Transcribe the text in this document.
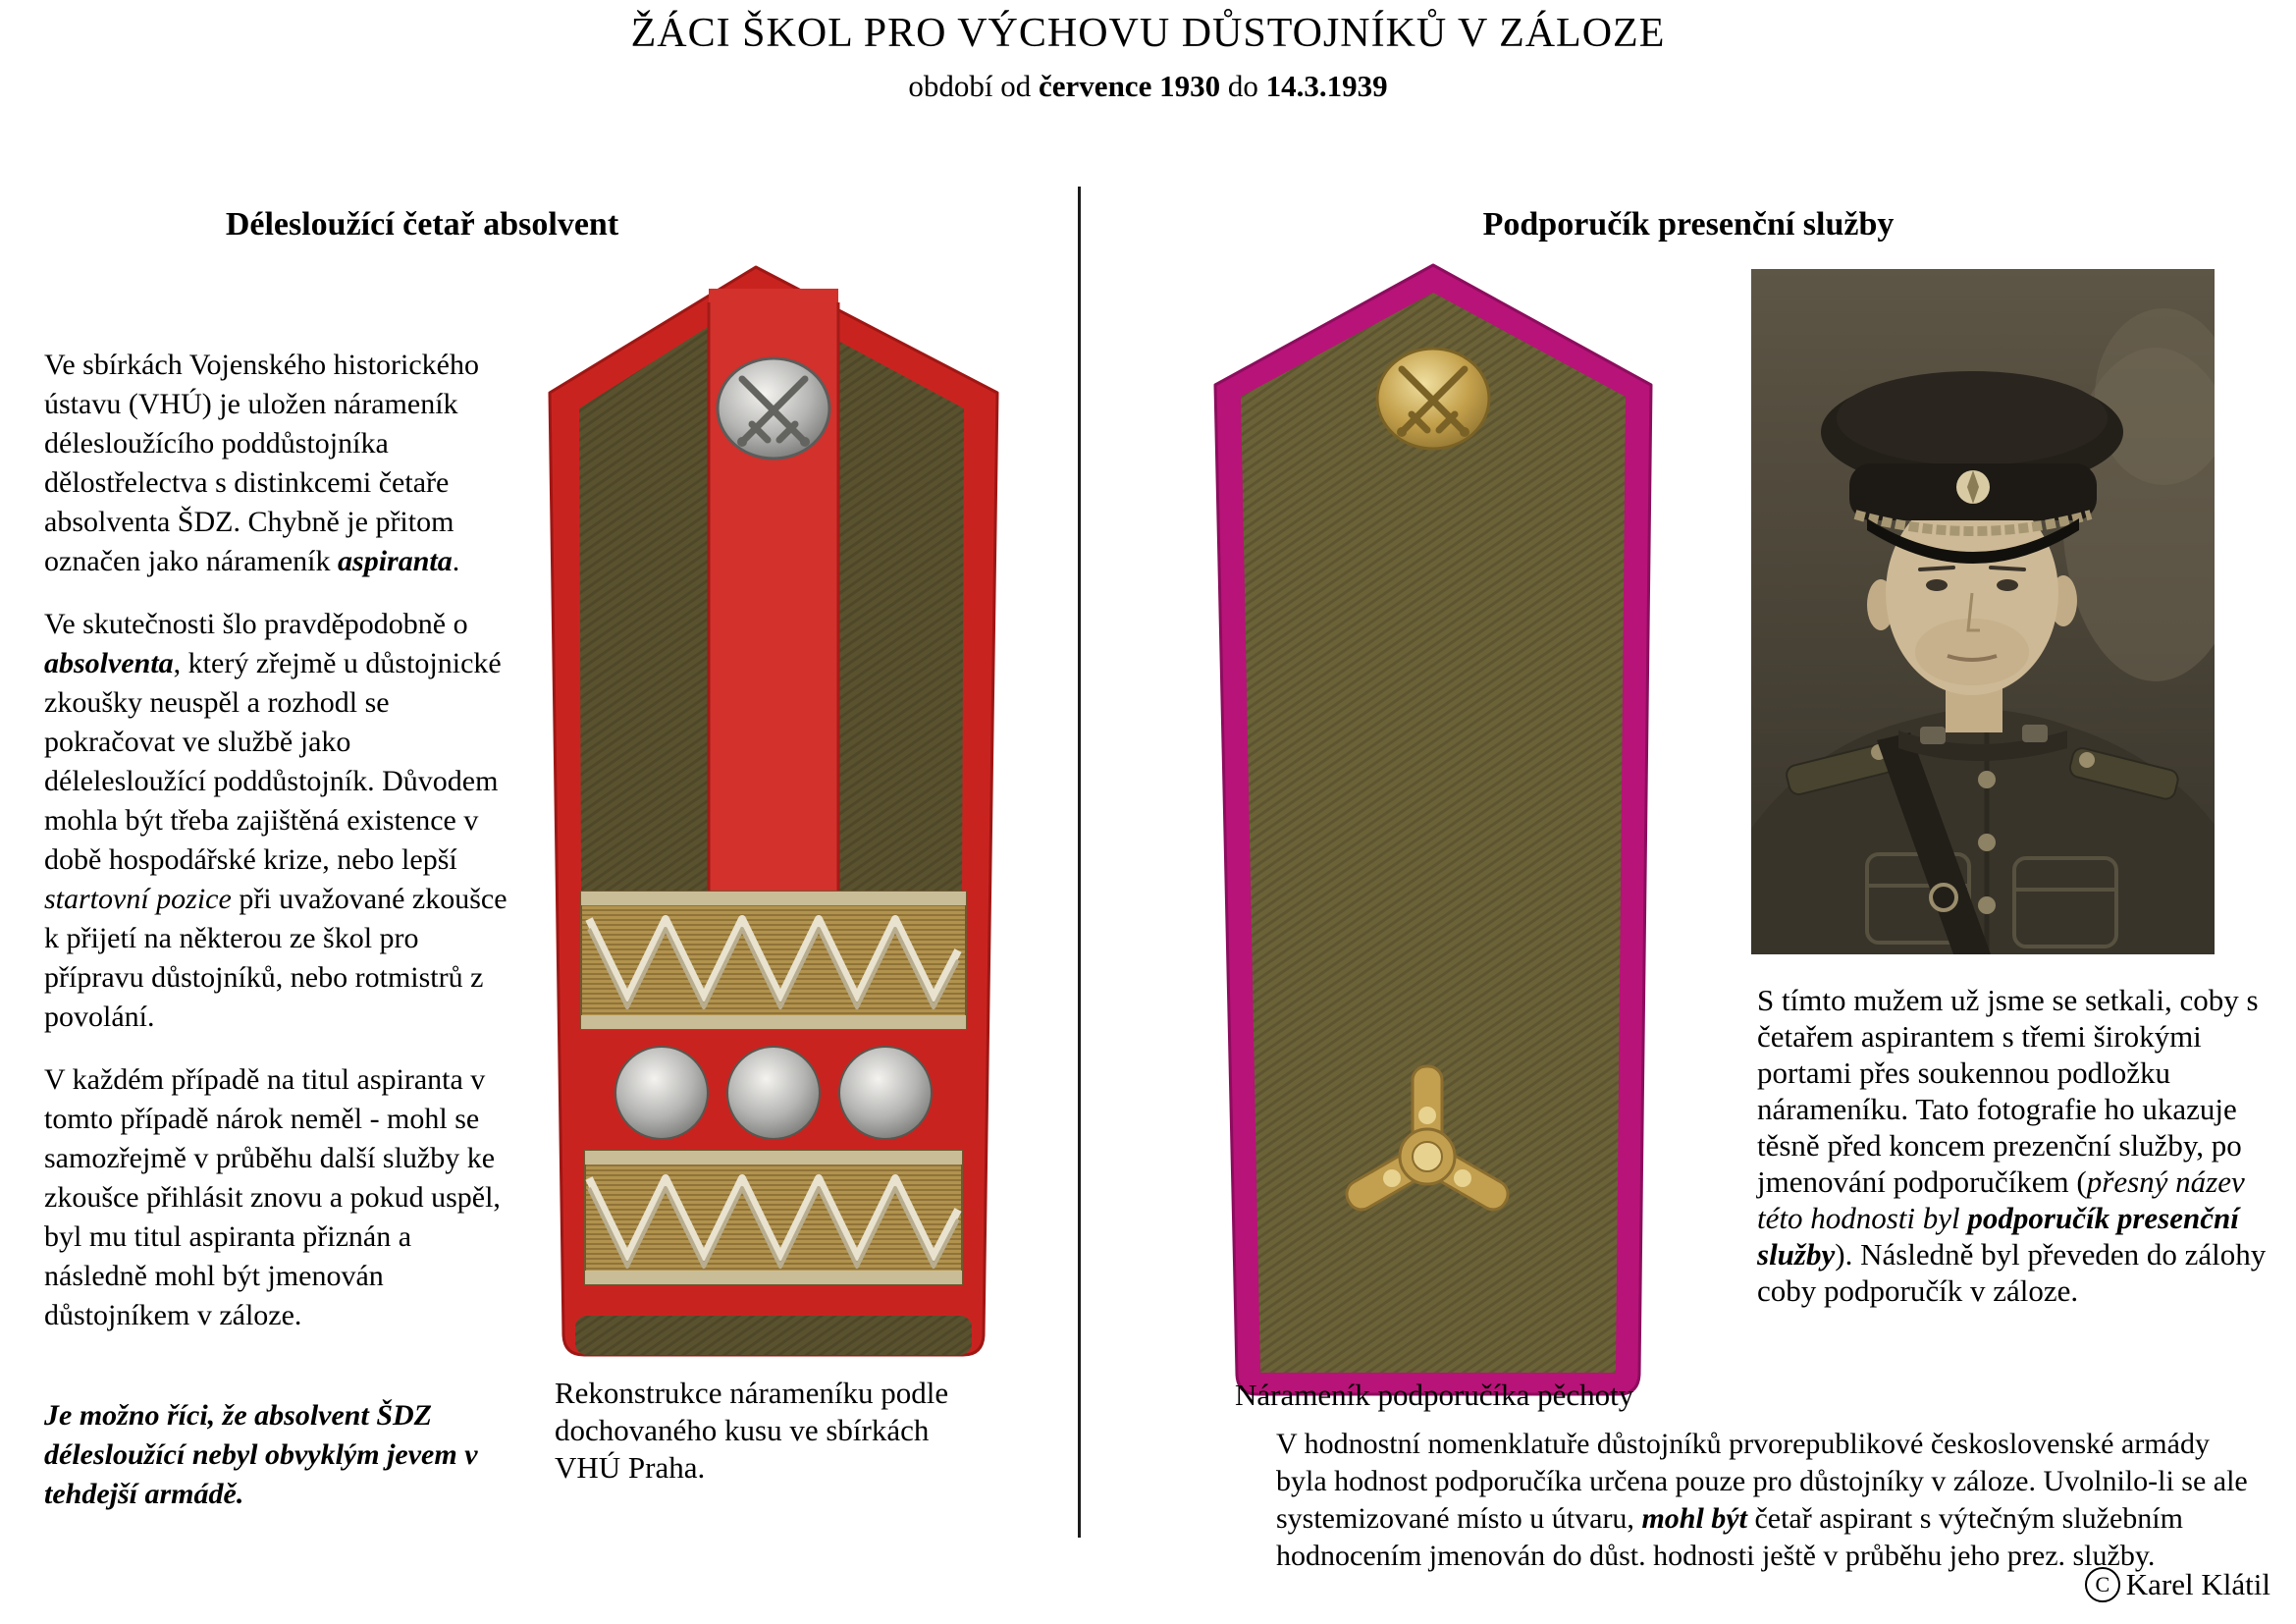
ŽÁCI ŠKOL PRO VÝCHOVU DŮSTOJNÍKŮ V ZÁLOZE
období od července 1930 do 14.3.1939
Délesloužící četař absolvent

Ve sbírkách Vojenského historického ústavu (VHÚ) je uložen nárameník délesloužícího poddůstojníka dělostřelectva s distinkcemi četaře absolventa ŠDZ. Chybně je přitom označen jako nárameník aspiranta.

Ve skutečnosti šlo pravděpodobně o absolventa, který zřejmě u důstojnické zkoušky neuspěl a rozhodl se pokračovat ve službě jako délelesloužící poddůstojník. Důvodem mohla být třeba zajištěná existence v době hospodářské krize, nebo lepší startovní pozice při uvažované zkoušce k přijetí na některou ze škol pro přípravu důstojníků, nebo rotmistrů z povolání.

V každém případě na titul aspiranta v tomto případě nárok neměl - mohl se samozřejmě v průběhu další služby ke zkoušce přihlásit znovu a pokud uspěl, byl mu titul aspiranta přiznán a následně mohl být jmenován důstojníkem v záloze.

Je možno říci, že absolvent ŠDZ délesloužící nebyl obvyklým jevem v tehdejší armádě.
Rekonstrukce nárameníku podle dochovaného kusu ve sbírkách VHÚ Praha.
Podporučík presenční služby
Nárameník podporučíka pěchoty

S tímto mužem už jsme se setkali, coby s četařem aspirantem s třemi širokými portami přes soukennou podložku nárameníku. Tato fotografie ho ukazuje těsně před koncem prezenční služby, po jmenování podporučíkem (přesný název této hodnosti byl podporučík presenční služby). Následně byl převeden do zálohy coby podporučík v záloze.

V hodnostní nomenklatuře důstojníků prvorepublikové československé armády byla hodnost podporučíka určena pouze pro důstojníky v záloze. Uvolnilo-li se ale systemizované místo u útvaru, mohl být četař aspirant s výtečným služebním hodnocením jmenován do důst. hodnosti ještě v průběhu jeho prez. služby.
C Karel Klátil
